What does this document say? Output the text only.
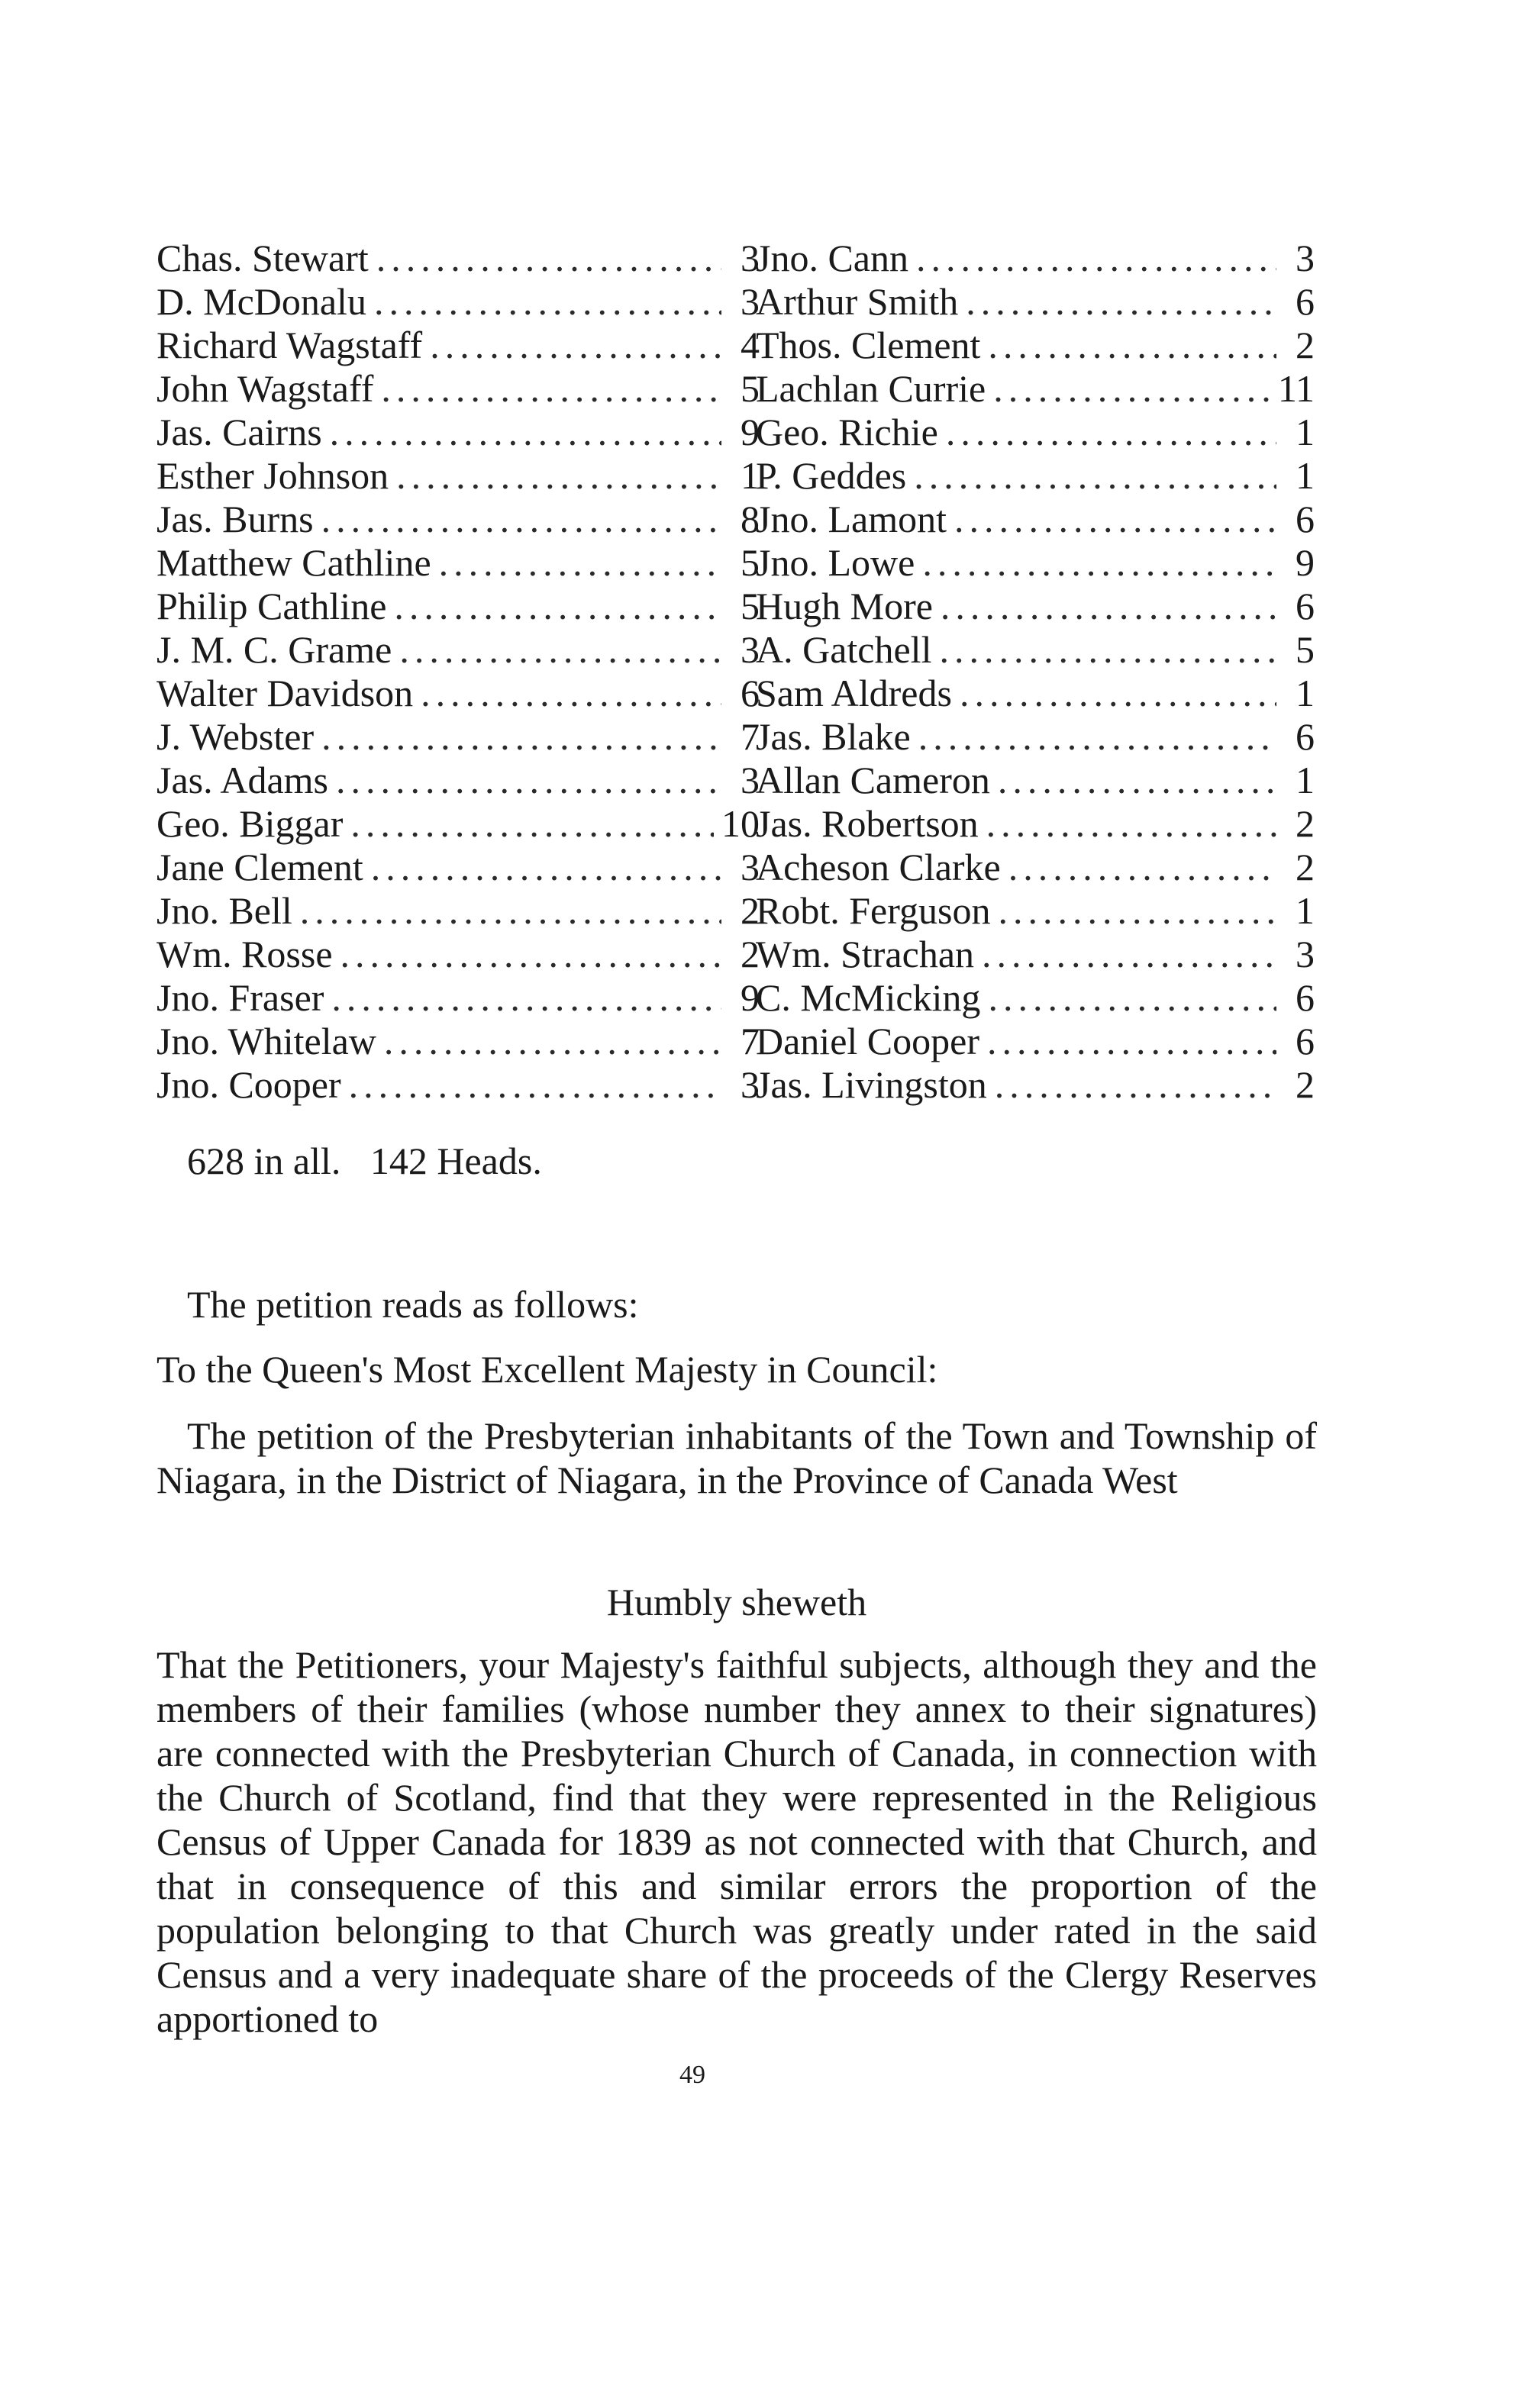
Chas. Stewart .....	3
D. McDonalu .....	3
Richard Wagstaff .....	4
John Wagstaff .....	5
Jas. Cairns .....	9
Esther Johnson .....	1
Jas. Burns .....	8
Matthew Cathline .....	5
Philip Cathline .....	5
J. M. C. Grame .....	3
Walter Davidson .....	6
J. Webster .....	7
Jas. Adams .....	3
Geo. Biggar .....	10
Jane Clement .....	3
Jno. Bell .....	2
Wm. Rosse .....	2
Jno. Fraser .....	9
Jno. Whitelaw .....	7
Jno. Cooper .....	3
Jno. Cann .....	3
Arthur Smith .....	6
Thos. Clement .....	2
Lachlan Currie .....	11
Geo. Richie .....	1
P. Geddes .....	1
Jno. Lamont .....	6
Jno. Lowe .....	9
Hugh More .....	6
A. Gatchell .....	5
Sam Aldreds .....	1
Jas. Blake .....	6
Allan Cameron .....	1
Jas. Robertson .....	2
Acheson Clarke .....	2
Robt. Ferguson .....	1
Wm. Strachan .....	3
C. McMicking .....	6
Daniel Cooper .....	6
Jas. Livingston .....	2
628 in all. 142 Heads.
The petition reads as follows:
To the Queen's Most Excellent Majesty in Council:
The petition of the Presbyterian inhabitants of the Town and Township of Niagara, in the District of Niagara, in the Province of Canada West
Humbly sheweth
That the Petitioners, your Majesty's faithful subjects, although they and the members of their families (whose number they annex to their signatures) are connected with the Presbyterian Church of Canada, in connection with the Church of Scotland, find that they were represented in the Religious Census of Upper Canada for 1839 as not connected with that Church, and that in consequence of this and similar errors the proportion of the population belonging to that Church was greatly under rated in the said Census and a very inadequate share of the proceeds of the Clergy Reserves apportioned to
49
